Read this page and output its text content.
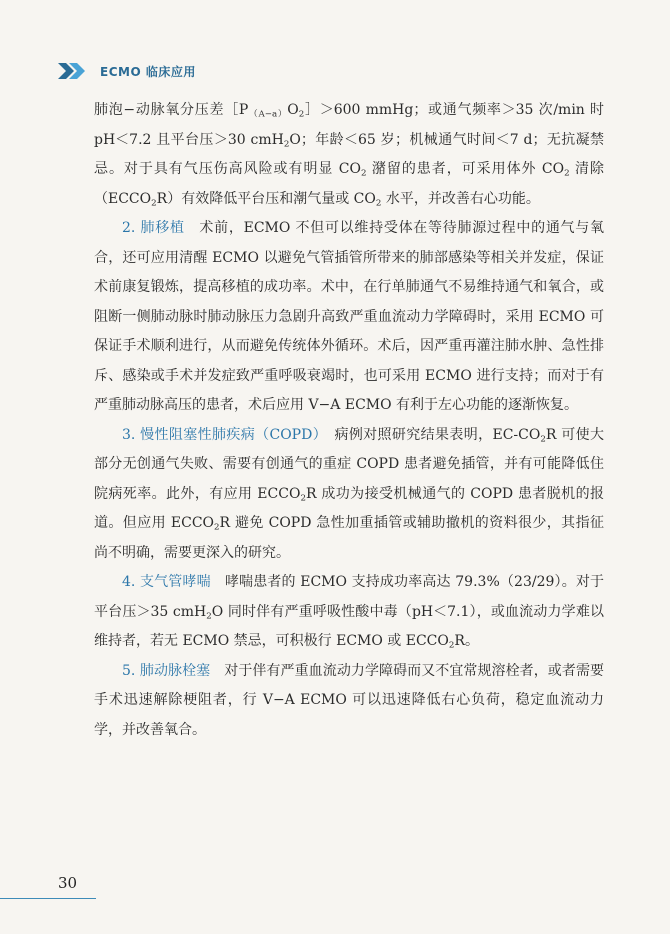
ECMO 临床应用

肺泡−动脉氧分压差$[P_{(A-a)}O_2]>600$ mmHg；或通气频率＞35 次/min 时 pH＜7.2 且平台压＞30 cmH$_2$O；年龄＜65 岁；机械通气时间＜7 d；无抗凝禁忌。对于具有气压伤高风险或有明显 $CO_2$ 潴留的患者，可采用体外 $CO_2$ 清除$(ECCO_2R)$有效降低平台压和潮气量或 $CO_2$ 水平，并改善右心功能。

2. 肺移植　术前，ECMO 不但可以维持受体在等待肺源过程中的通气与氧合，还可应用清醒 ECMO 以避免气管插管所带来的肺部感染等相关并发症，保证术前康复锻炼，提高移植的成功率。术中，在行单肺通气不易维持通气和氧合，或阻断一侧肺动脉时肺动脉压力急剧升高致严重血流动力学障碍时，采用 ECMO 可保证手术顺利进行，从而避免传统体外循环。术后，因严重再灌注肺水肿、急性排斥、感染或手术并发症致严重呼吸衰竭时，也可采用 ECMO 进行支持；而对于有严重肺动脉高压的患者，术后应用 V−A ECMO 有利于左心功能的逐渐恢复。

3. 慢性阻塞性肺疾病（COPD）　病例对照研究结果表明，$EC-CO_2R$ 可使大部分无创通气失败、需要有创通气的重症 COPD 患者避免插管，并有可能降低住院病死率。此外，有应用 $ECCO_2R$ 成功为接受机械通气的 COPD 患者脱机的报道。但应用 $ECCO_2R$ 避免 COPD 急性加重插管或辅助撤机的资料很少，其指征尚不明确，需要更深入的研究。

4. 支气管哮喘　哮喘患者的 ECMO 支持成功率高达 79.3%（23/29）。对于平台压＞35 cmH$_2$O 同时伴有严重呼吸性酸中毒（pH＜7.1），或血流动力学难以维持者，若无 ECMO 禁忌，可积极行 ECMO 或 $ECCO_2R$。

5. 肺动脉栓塞　对于伴有严重血流动力学障碍而又不宜常规溶栓者，或者需要手术迅速解除梗阻者，行 V−A ECMO 可以迅速降低右心负荷，稳定血流动力学，并改善氧合。

30
